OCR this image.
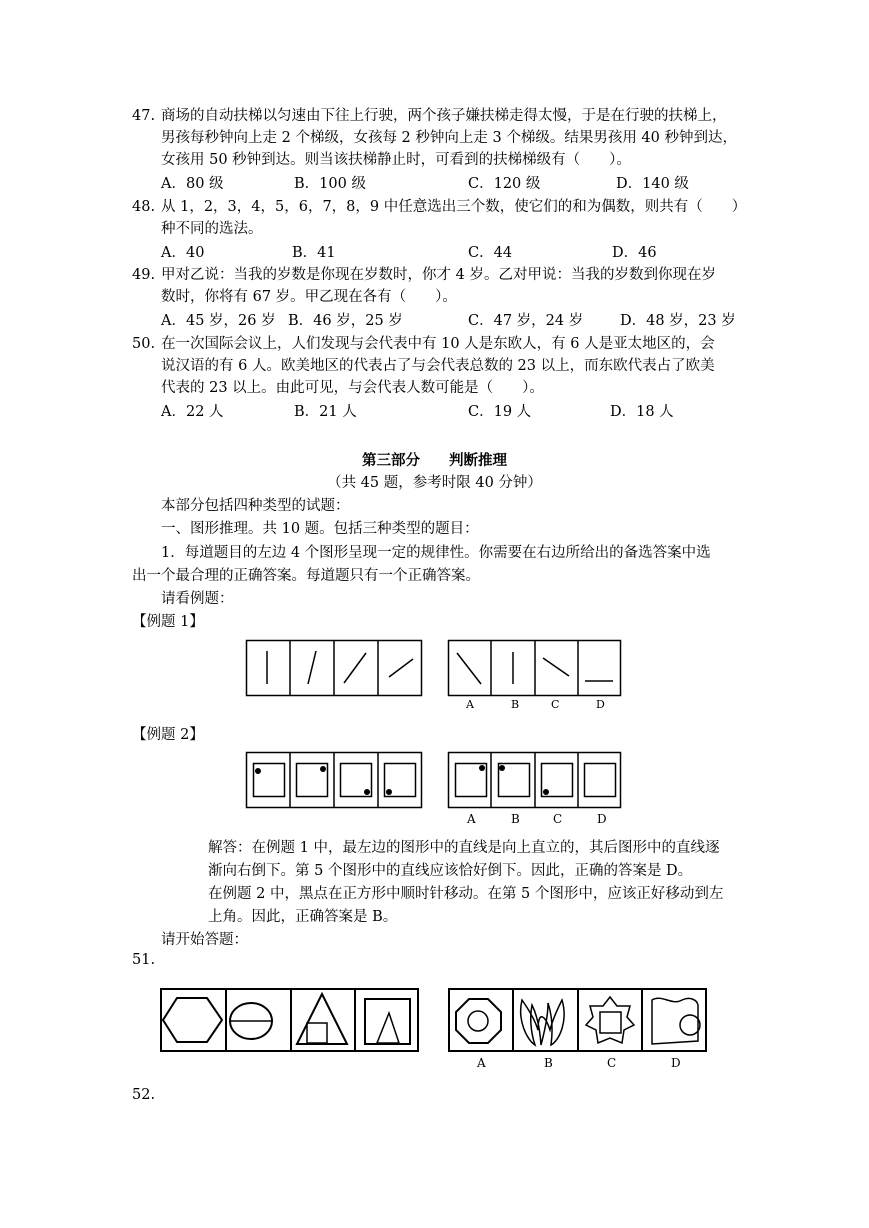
47. 商场的自动扶梯以匀速由下往上行驶，两个孩子嫌扶梯走得太慢，于是在行驶的扶梯上，
男孩每秒钟向上走 2 个梯级，女孩每 2 秒钟向上走 3 个梯级。结果男孩用 40 秒钟到达，
女孩用 50 秒钟到达。则当该扶梯静止时，可看到的扶梯梯级有（　　）。
A．80 级	B．100 级	C．120 级	D．140 级
48. 从 1，2，3，4，5，6，7，8，9 中任意选出三个数，使它们的和为偶数，则共有（　　）
种不同的选法。
A．40	B．41	C．44	D．46
49. 甲对乙说：当我的岁数是你现在岁数时，你才 4 岁。乙对甲说：当我的岁数到你现在岁
数时，你将有 67 岁。甲乙现在各有（　　）。
A．45 岁，26 岁 B．46 岁，25 岁	C．47 岁，24 岁	D．48 岁，23 岁
50. 在一次国际会议上，人们发现与会代表中有 10 人是东欧人，有 6 人是亚太地区的，会
说汉语的有 6 人。欧美地区的代表占了与会代表总数的 23 以上，而东欧代表占了欧美
代表的 23 以上。由此可见，与会代表人数可能是（　　）。
A．22 人	B．21 人	C．19 人	D．18 人
第三部分　　判断推理
（共 45 题，参考时限 40 分钟）
本部分包括四种类型的试题：
一、图形推理。共 10 题。包括三种类型的题目：
1．每道题目的左边 4 个图形呈现一定的规律性。你需要在右边所给出的备选答案中选
出一个最合理的正确答案。每道题只有一个正确答案。
请看例题：
【例题 1】
A	B	C	D
A	B	C	D
A	B	C	D
【例题 2】
解答：在例题 1 中，最左边的图形中的直线是向上直立的，其后图形中的直线逐
渐向右倒下。第 5 个图形中的直线应该恰好倒下。因此，正确的答案是 D。
在例题 2 中，黑点在正方形中顺时针移动。在第 5 个图形中，应该正好移动到左
上角。因此，正确答案是 B。
请开始答题：
51.
52.
